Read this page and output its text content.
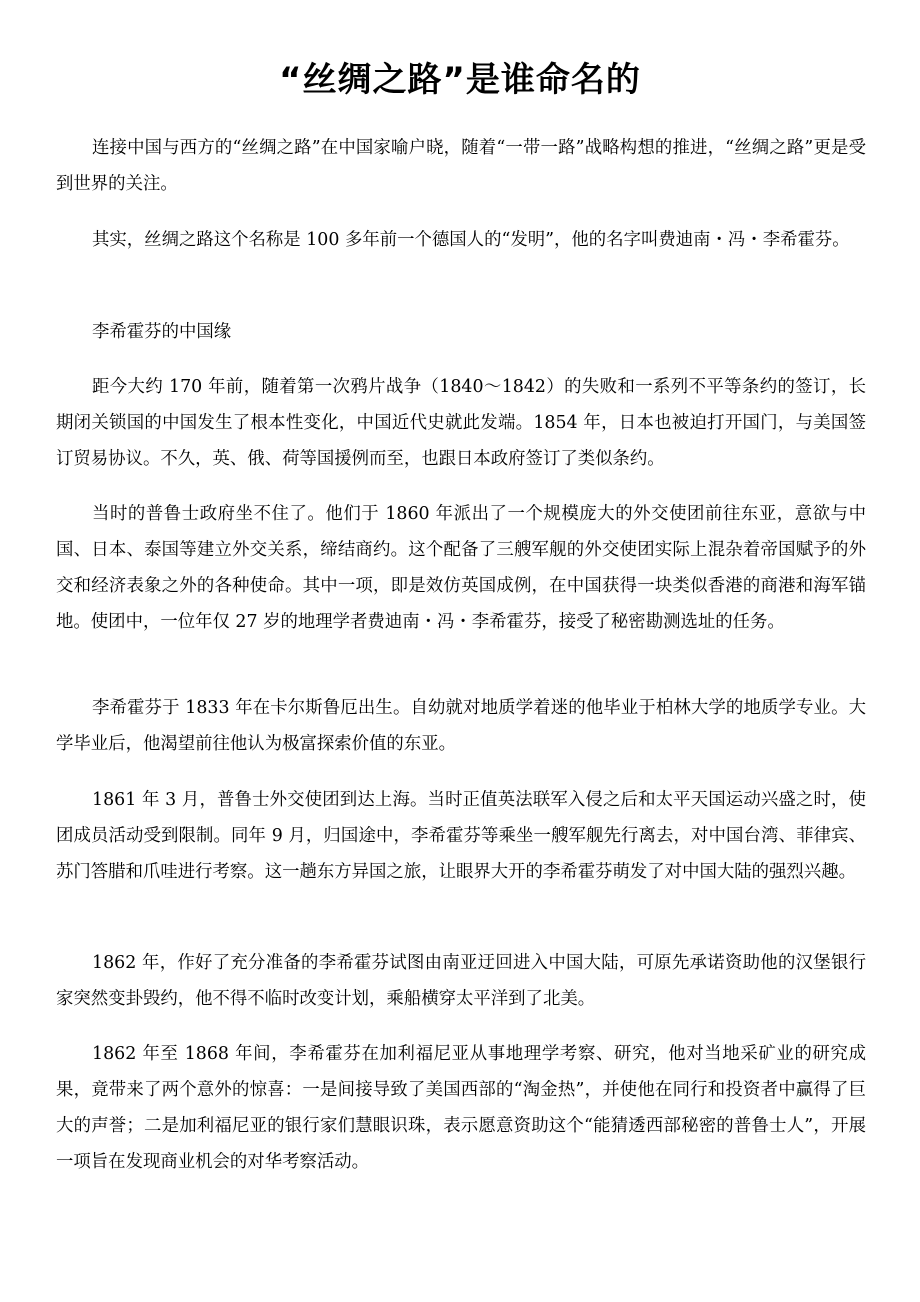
“丝绸之路”是谁命名的

连接中国与西方的“丝绸之路”在中国家喻户晓，随着“一带一路”战略构想的推进，“丝绸之路”更是受到世界的关注。

其实，丝绸之路这个名称是 100 多年前一个德国人的“发明”，他的名字叫费迪南・冯・李希霍芬。

李希霍芬的中国缘

距今大约 170 年前，随着第一次鸦片战争（1840～1842）的失败和一系列不平等条约的签订，长期闭关锁国的中国发生了根本性变化，中国近代史就此发端。1854 年，日本也被迫打开国门，与美国签订贸易协议。不久，英、俄、荷等国援例而至，也跟日本政府签订了类似条约。

当时的普鲁士政府坐不住了。他们于 1860 年派出了一个规模庞大的外交使团前往东亚，意欲与中国、日本、泰国等建立外交关系，缔结商约。这个配备了三艘军舰的外交使团实际上混杂着帝国赋予的外交和经济表象之外的各种使命。其中一项，即是效仿英国成例，在中国获得一块类似香港的商港和海军锚地。使团中，一位年仅 27 岁的地理学者费迪南・冯・李希霍芬，接受了秘密勘测选址的任务。

李希霍芬于 1833 年在卡尔斯鲁厄出生。自幼就对地质学着迷的他毕业于柏林大学的地质学专业。大学毕业后，他渴望前往他认为极富探索价值的东亚。

1861 年 3 月，普鲁士外交使团到达上海。当时正值英法联军入侵之后和太平天国运动兴盛之时，使团成员活动受到限制。同年 9 月，归国途中，李希霍芬等乘坐一艘军舰先行离去，对中国台湾、菲律宾、苏门答腊和爪哇进行考察。这一趟东方异国之旅，让眼界大开的李希霍芬萌发了对中国大陆的强烈兴趣。

1862 年，作好了充分准备的李希霍芬试图由南亚迂回进入中国大陆，可原先承诺资助他的汉堡银行家突然变卦毁约，他不得不临时改变计划，乘船横穿太平洋到了北美。

1862 年至 1868 年间，李希霍芬在加利福尼亚从事地理学考察、研究，他对当地采矿业的研究成果，竟带来了两个意外的惊喜：一是间接导致了美国西部的“淘金热”，并使他在同行和投资者中赢得了巨大的声誉；二是加利福尼亚的银行家们慧眼识珠，表示愿意资助这个“能猜透西部秘密的普鲁士人”，开展一项旨在发现商业机会的对华考察活动。
